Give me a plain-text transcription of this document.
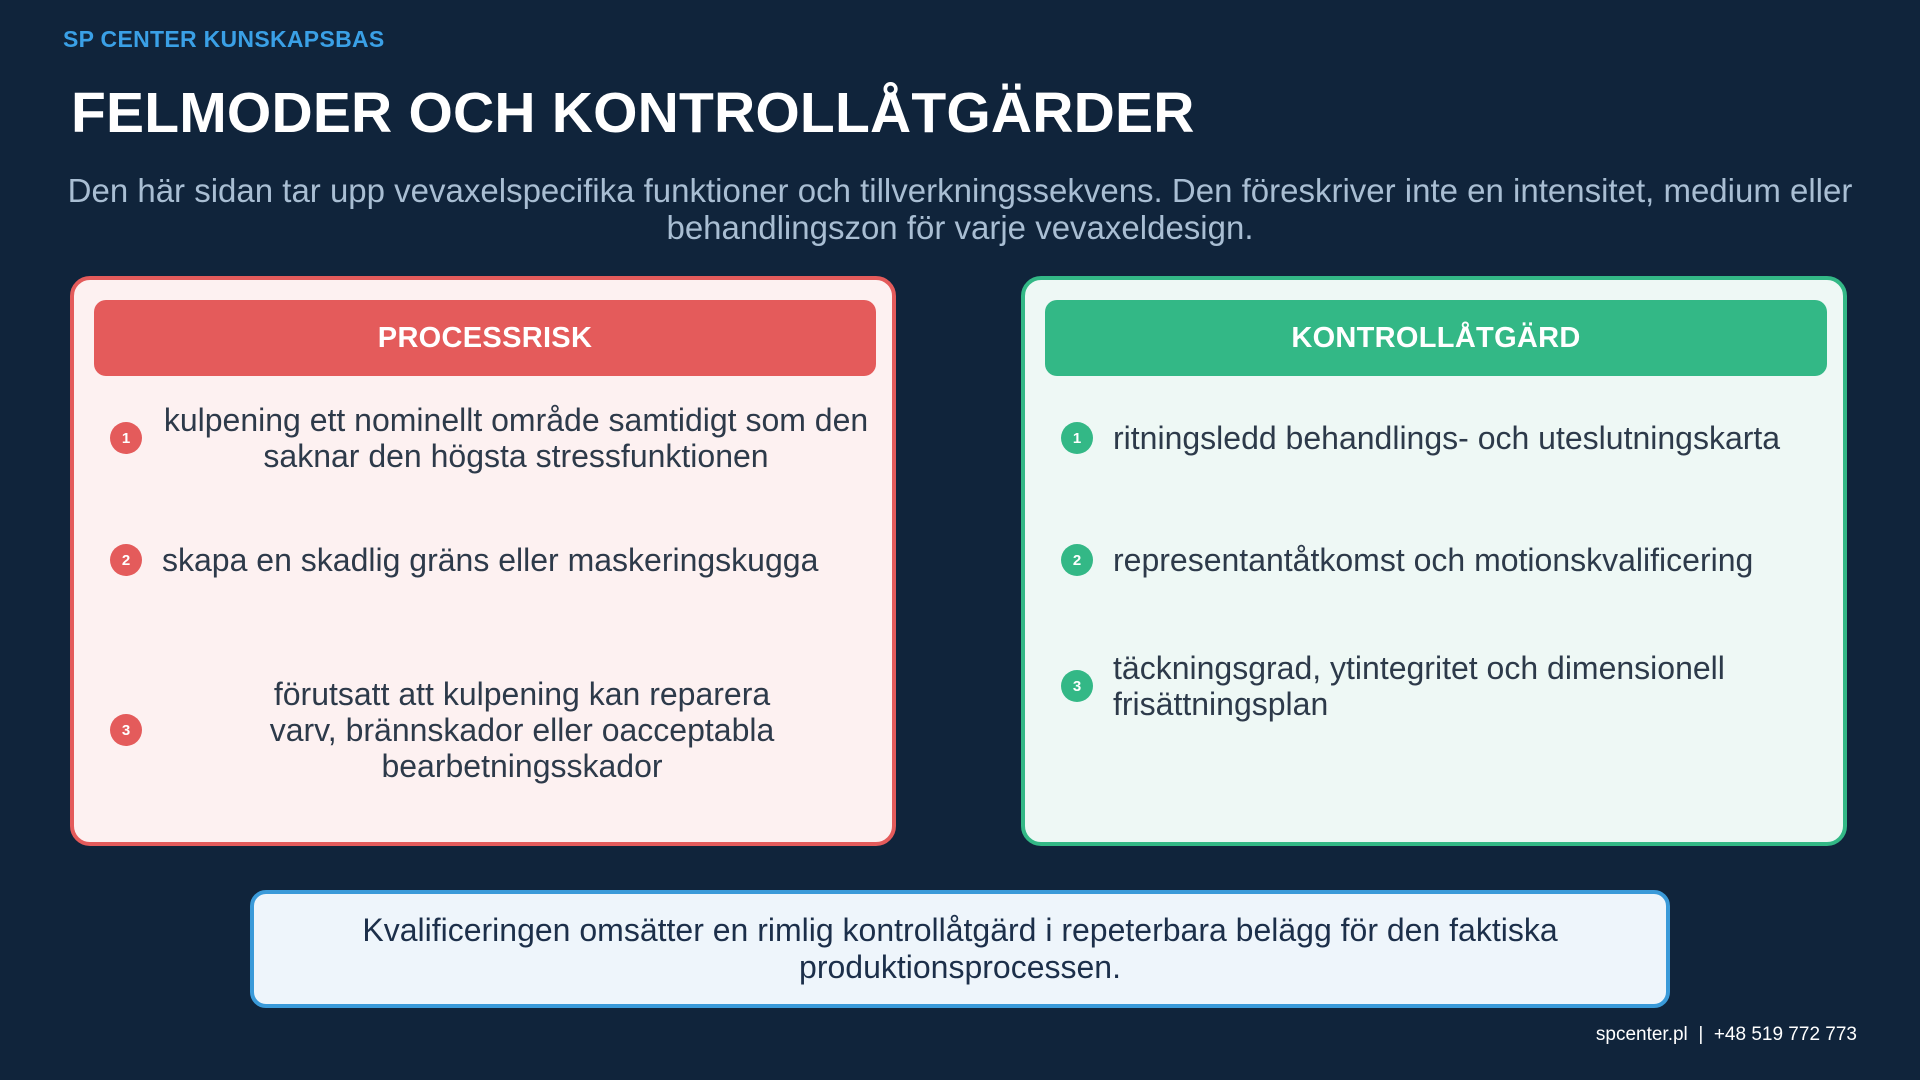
SP CENTER KUNSKAPSBAS
FELMODER OCH KONTROLLÅTGÄRDER
Den här sidan tar upp vevaxelspecifika funktioner och tillverkningssekvens. Den föreskriver inte en intensitet, medium eller behandlingszon för varje vevaxeldesign.
PROCESSRISK
1	kulpening ett nominellt område samtidigt som den saknar den högsta stressfunktionen
2 skapa en skadlig gräns eller maskeringskugga
3
förutsatt att kulpening kan reparera varv, brännskador eller oacceptabla bearbetningsskador
KONTROLLÅTGÄRD
1 ritningsledd behandlings- och uteslutningskarta
2 representantåtkomst och motionskvalificering
3 täckningsgrad, ytintegritet och dimensionell frisättningsplan
Kvalificeringen omsätter en rimlig kontrollåtgärd i repeterbara belägg för den faktiska produktionsprocessen.
spcenter.pl  |  +48 519 772 773
